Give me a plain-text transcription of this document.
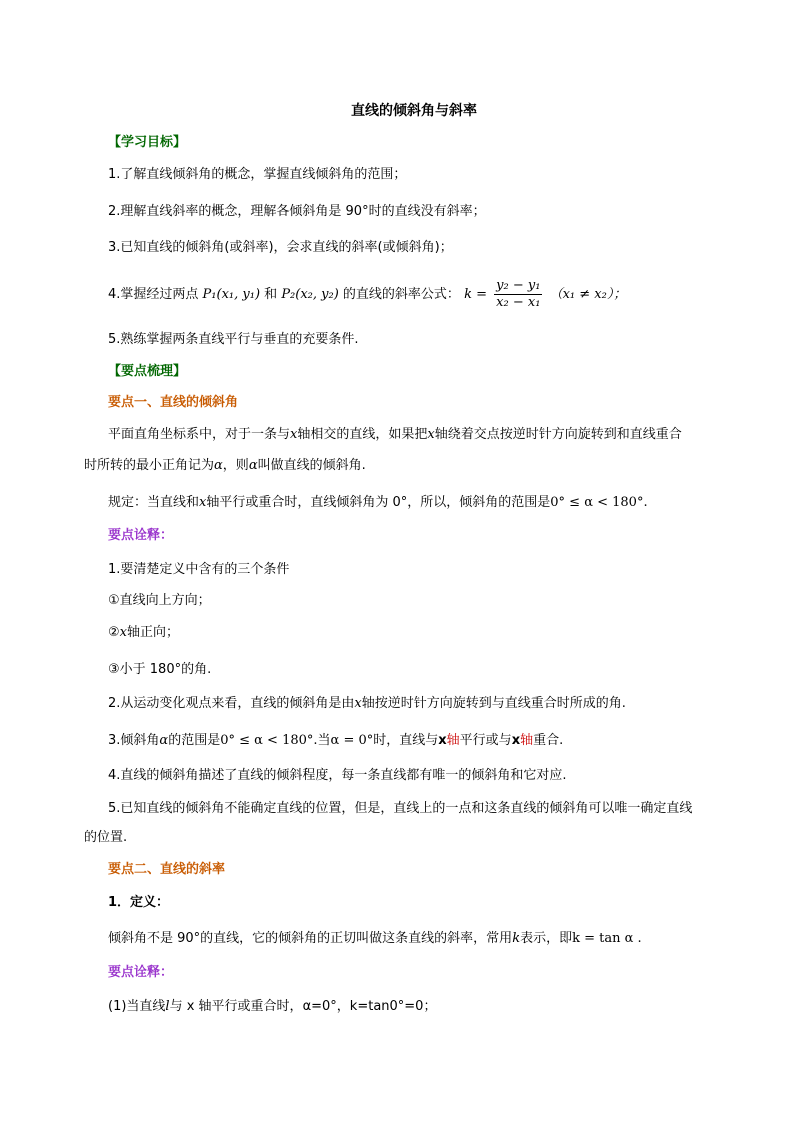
直线的倾斜角与斜率
【学习目标】
1.了解直线倾斜角的概念，掌握直线倾斜角的范围；
2.理解直线斜率的概念，理解各倾斜角是 90°时的直线没有斜率；
3.已知直线的倾斜角(或斜率)，会求直线的斜率(或倾斜角)；
4.掌握经过两点 P₁(x₁, y₁) 和 P₂(x₂, y₂) 的直线的斜率公式： $k = \frac{\text{y₂ − y₁}}{\text{x₂ − x₁}} (x_1 \ne x_2)$；
5.熟练掌握两条直线平行与垂直的充要条件.
【要点梳理】
要点一、直线的倾斜角
平面直角坐标系中，对于一条与x轴相交的直线，如果把x轴绕着交点按逆时针方向旋转到和直线重合
时所转的最小正角记为α，则α叫做直线的倾斜角.
规定：当直线和x轴平行或重合时，直线倾斜角为 0°，所以，倾斜角的范围是0° ≤ α < 180°.
要点诠释：
1.要清楚定义中含有的三个条件
①直线向上方向；
②x轴正向；
③小于 180°的角.
2.从运动变化观点来看，直线的倾斜角是由x轴按逆时针方向旋转到与直线重合时所成的角.
3.倾斜角α的范围是0° ≤ α < 180°.当α = 0°时，直线与x轴平行或与x轴重合.
4.直线的倾斜角描述了直线的倾斜程度，每一条直线都有唯一的倾斜角和它对应.
5.已知直线的倾斜角不能确定直线的位置，但是，直线上的一点和这条直线的倾斜角可以唯一确定直线
的位置.
要点二、直线的斜率
1．定义：
倾斜角不是 90°的直线，它的倾斜角的正切叫做这条直线的斜率，常用k表示，即k = tan α .
要点诠释：
(1)当直线l与 x 轴平行或重合时，α=0°，k=tan0°=0；
